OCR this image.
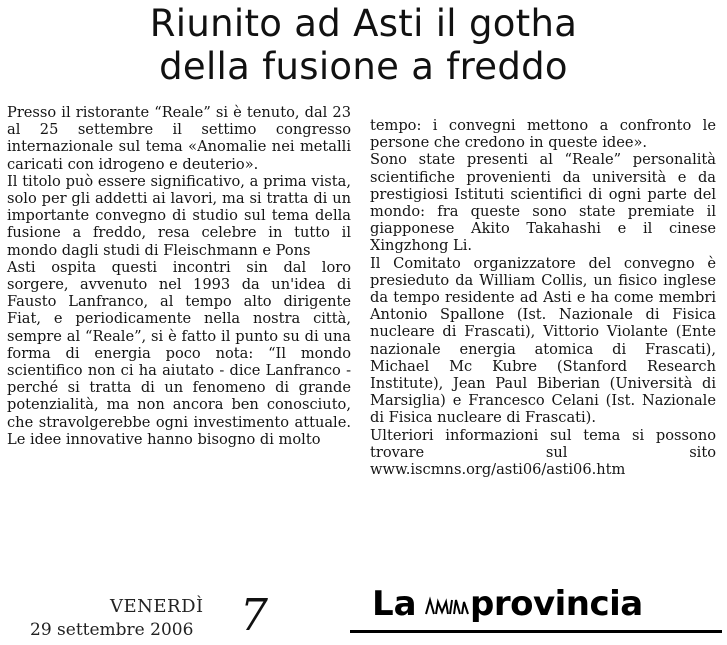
Riunito ad Asti il gotha
della fusione a freddo

Presso il ristorante “Reale” si è tenuto, dal 23 al 25 settembre il settimo congresso internazionale sul tema «Anomalie nei metalli caricati con idrogeno e deuterio».

Il titolo può essere significativo, a prima vista, solo per gli addetti ai lavori, ma si tratta di un importante convegno di studio sul tema della fusione a freddo, resa celebre in tutto il mondo dagli studi di Fleischmann e Pons

Asti ospita questi incontri sin dal loro sorgere, avvenuto nel 1993 da un'idea di Fausto Lanfranco, al tempo alto dirigente Fiat, e periodicamente nella nostra città, sempre al “Reale”, si è fatto il punto su di una forma di energia poco nota: “Il mondo scientifico non ci ha aiutato - dice Lanfranco - perché si tratta di un fenomeno di grande potenzialità, ma non ancora ben conosciuto, che stravolgerebbe ogni investimento attuale. Le idee innovative hanno bisogno di molto

tempo: i convegni mettono a confronto le persone che credono in queste idee».

Sono state presenti al “Reale” personalità scientifiche provenienti da università e da prestigiosi Istituti scientifici di ogni parte del mondo: fra queste sono state premiate il giapponese Akito Takahashi e il cinese Xingzhong Li.

Il Comitato organizzatore del convegno è presieduto da William Collis, un fisico inglese da tempo residente ad Asti e ha come membri Antonio Spallone (Ist. Nazionale di Fisica nucleare di Frascati), Vittorio Violante (Ente nazionale energia atomica di Frascati), Michael Mc Kubre (Stanford Research Institute), Jean Paul Biberian (Università di Marsiglia) e Francesco Celani (Ist. Nazionale di Fisica nucleare di Frascati).

Ulteriori informazioni sul tema si possono trovare sul sito www.iscmns.org/asti06/asti06.htm

VENERDÌ
29 settembre 2006 7	La provincia
